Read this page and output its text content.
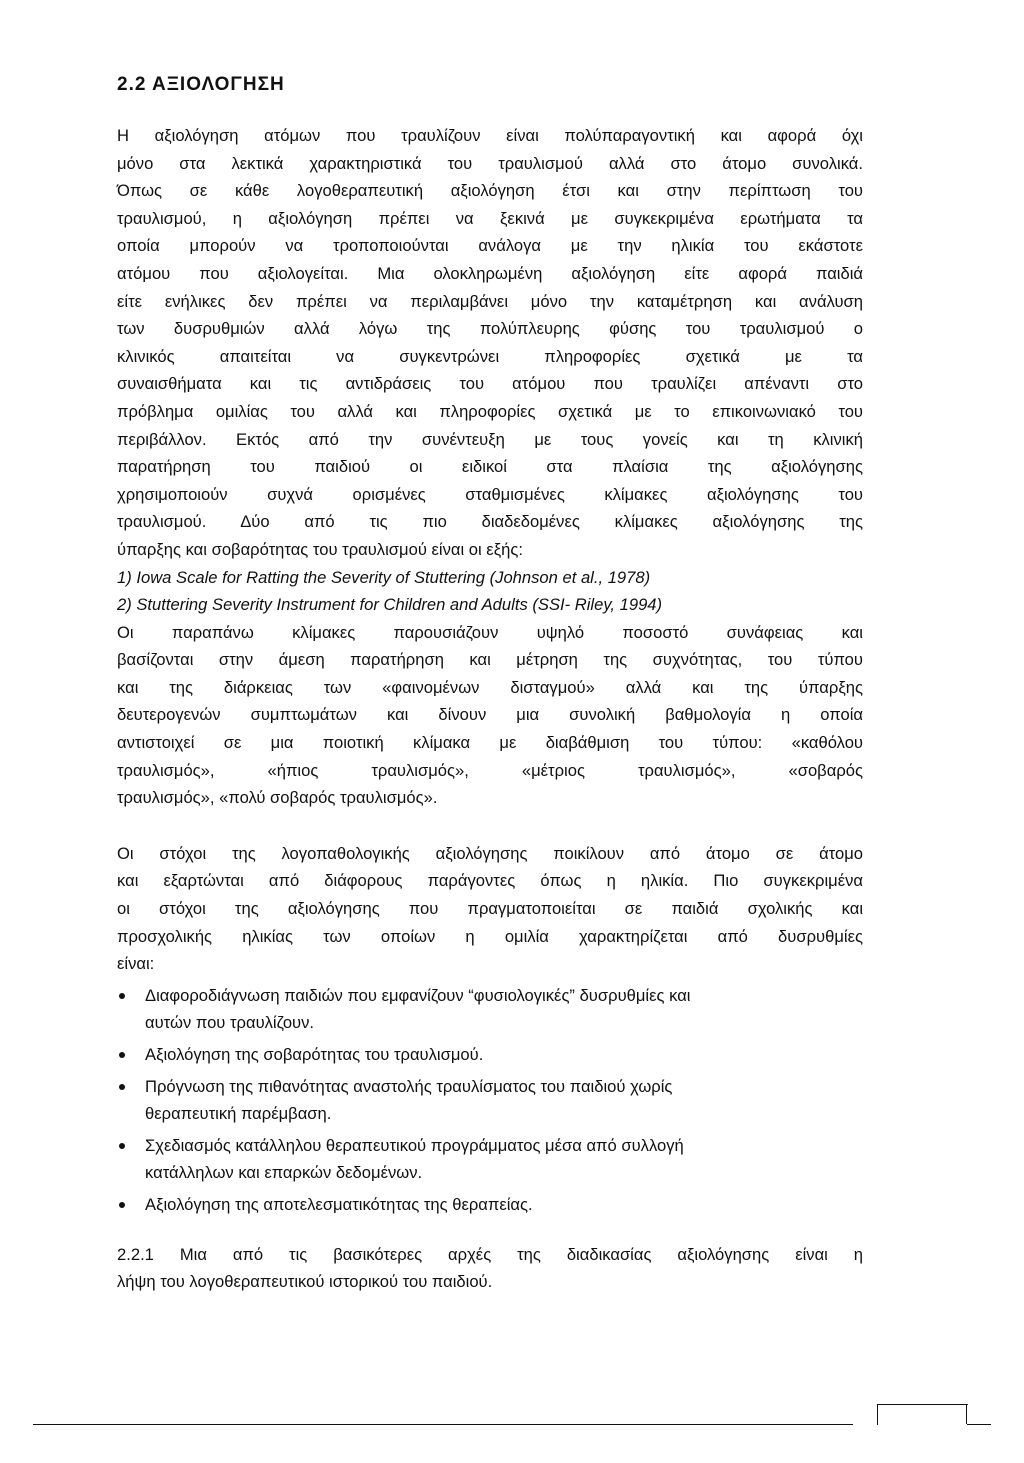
2.2 ΑΞΙΟΛΟΓΗΣΗ

Η αξιολόγηση ατόμων που τραυλίζουν είναι πολύπαραγοντική και αφορά όχι
μόνο στα λεκτικά χαρακτηριστικά του τραυλισμού αλλά στο άτομο συνολικά.
Όπως σε κάθε λογοθεραπευτική αξιολόγηση έτσι και στην περίπτωση του
τραυλισμού, η αξιολόγηση πρέπει να ξεκινά με συγκεκριμένα ερωτήματα τα
οποία μπορούν να τροποποιούνται ανάλογα με την ηλικία του εκάστοτε
ατόμου που αξιολογείται. Μια ολοκληρωμένη αξιολόγηση είτε αφορά παιδιά
είτε ενήλικες δεν πρέπει να περιλαμβάνει μόνο την καταμέτρηση και ανάλυση
των δυσρυθμιών αλλά λόγω της πολύπλευρης φύσης του τραυλισμού ο
κλινικός απαιτείται να συγκεντρώνει πληροφορίες σχετικά με τα
συναισθήματα και τις αντιδράσεις του ατόμου που τραυλίζει απέναντι στο
πρόβλημα ομιλίας του αλλά και πληροφορίες σχετικά με το επικοινωνιακό του
περιβάλλον. Εκτός από την συνέντευξη με τους γονείς και τη κλινική
παρατήρηση του παιδιού οι ειδικοί στα πλαίσια της αξιολόγησης
χρησιμοποιούν συχνά ορισμένες σταθμισμένες κλίμακες αξιολόγησης του
τραυλισμού. Δύο από τις πιο διαδεδομένες κλίμακες αξιολόγησης της
ύπαρξης και σοβαρότητας του τραυλισμού είναι οι εξής:

1) Iowa Scale for Ratting the Severity of Stuttering (Johnson et al., 1978)
2) Stuttering Severity Instrument for Children and Adults (SSI- Riley, 1994)

Οι παραπάνω κλίμακες παρουσιάζουν υψηλό ποσοστό συνάφειας και
βασίζονται στην άμεση παρατήρηση και μέτρηση της συχνότητας, του τύπου
και της διάρκειας των «φαινομένων δισταγμού» αλλά και της ύπαρξης
δευτερογενών συμπτωμάτων και δίνουν μια συνολική βαθμολογία η οποία
αντιστοιχεί σε μια ποιοτική κλίμακα με διαβάθμιση του τύπου: «καθόλου
τραυλισμός», «ήπιος τραυλισμός», «μέτριος τραυλισμός», «σοβαρός
τραυλισμός», «πολύ σοβαρός τραυλισμός».

Οι στόχοι της λογοπαθολογικής αξιολόγησης ποικίλουν από άτομο σε άτομο
και εξαρτώνται από διάφορους παράγοντες όπως η ηλικία. Πιο συγκεκριμένα
οι στόχοι της αξιολόγησης που πραγματοποιείται σε παιδιά σχολικής και
προσχολικής ηλικίας των οποίων η ομιλία χαρακτηρίζεται από δυσρυθμίες
είναι:

Διαφοροδιάγνωση παιδιών που εμφανίζουν “φυσιολογικές” δυσρυθμίες και
αυτών που τραυλίζουν.
Αξιολόγηση της σοβαρότητας του τραυλισμού.
Πρόγνωση της πιθανότητας αναστολής τραυλίσματος του παιδιού χωρίς
θεραπευτική παρέμβαση.
Σχεδιασμός κατάλληλου θεραπευτικού προγράμματος μέσα από συλλογή
κατάλληλων και επαρκών δεδομένων.
Αξιολόγηση της αποτελεσματικότητας της θεραπείας.
2.2.1 Μια από τις βασικότερες αρχές της διαδικασίας αξιολόγησης είναι η
λήψη του λογοθεραπευτικού ιστορικού του παιδιού.
